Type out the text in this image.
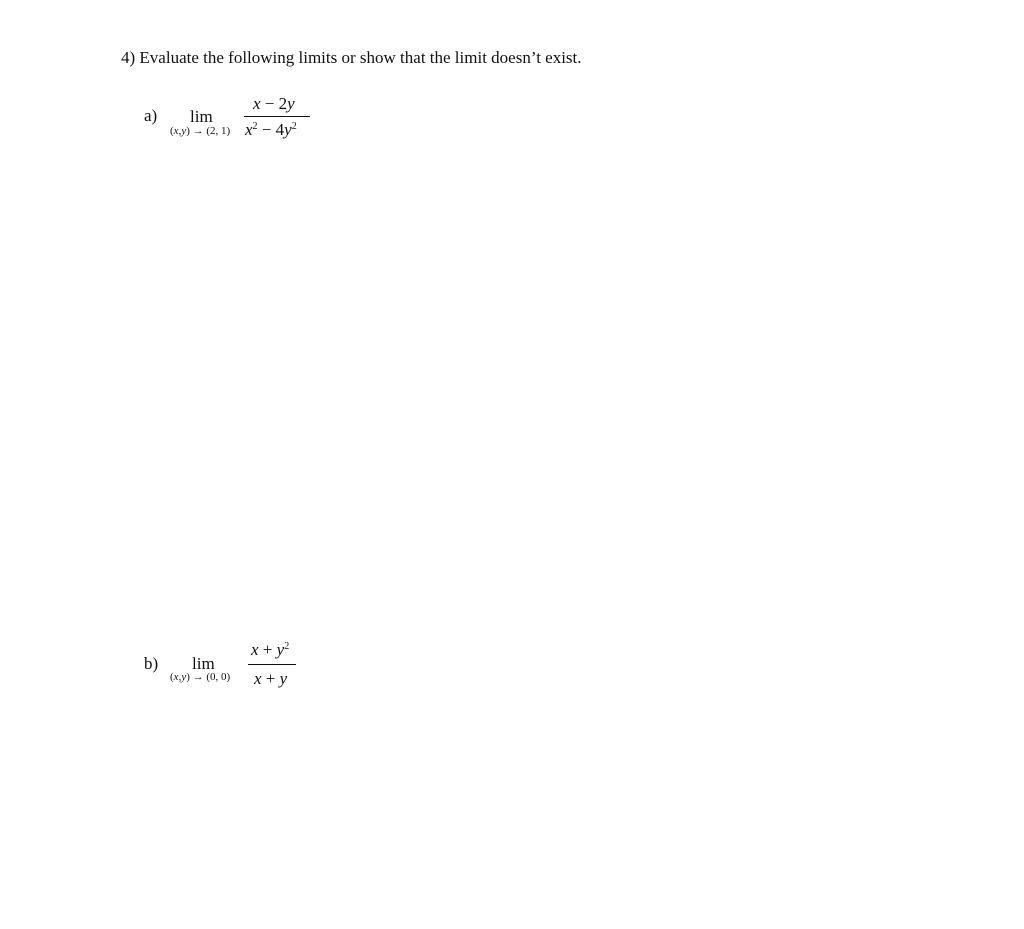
4) Evaluate the following limits or show that the limit doesn’t exist.
a) lim
(x,y) → (2, 1)
x − 2y
$x^2 - 4y^2$
b) lim
(x,y) → (0, 0)
$x + y^2$
x + y
